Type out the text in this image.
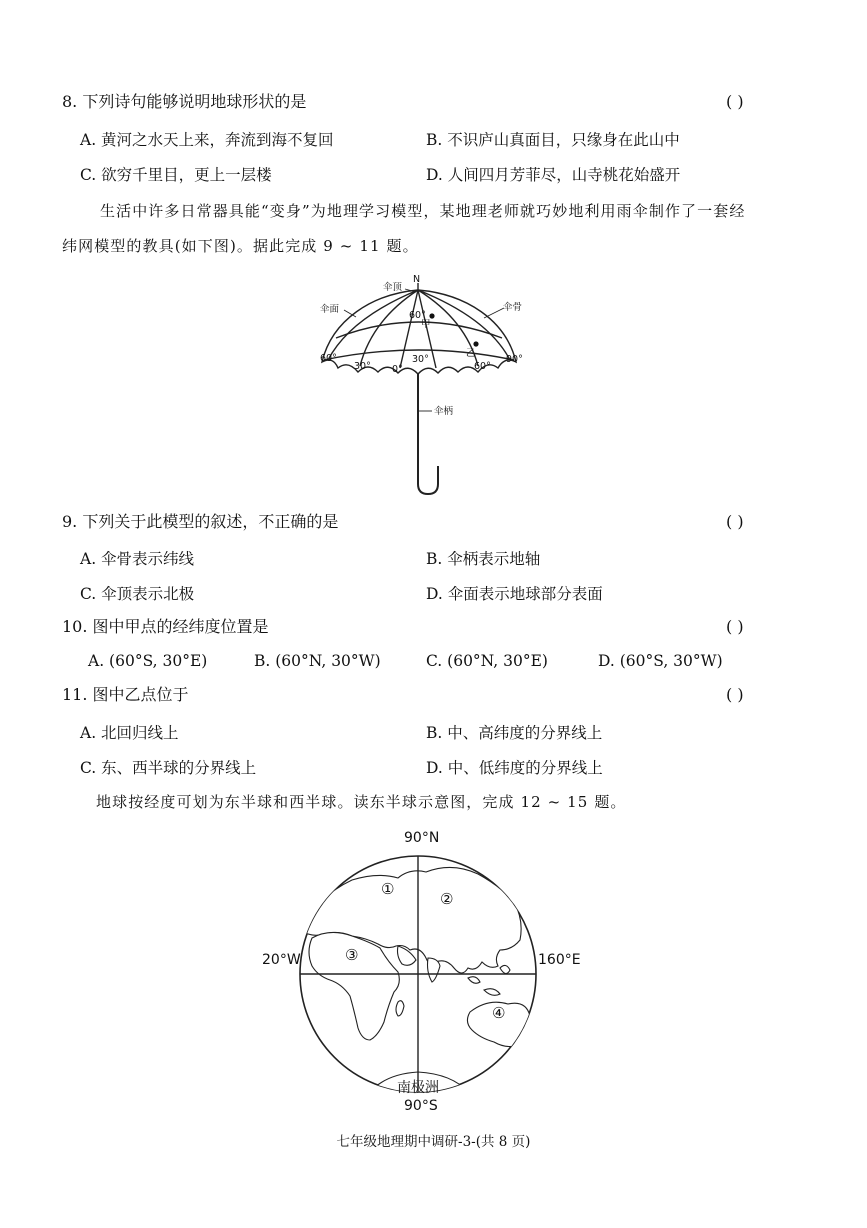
8. 下列诗句能够说明地球形状的是	( )
A. 黄河之水天上来，奔流到海不复回	B. 不识庐山真面目，只缘身在此山中
C. 欲穷千里目，更上一层楼	D. 人间四月芳菲尽，山寺桃花始盛开
生活中许多日常器具能“变身”为地理学习模型，某地理老师就巧妙地利用雨伞制作了一套经
纬网模型的教具(如下图)。据此完成 9 ~ 11 题。
N
伞顶
伞面	伞骨
伞柄
60°
甲
乙
60°
30° 0°
30°
60°
90°
9. 下列关于此模型的叙述，不正确的是	( )
A. 伞骨表示纬线	B. 伞柄表示地轴
C. 伞顶表示北极	D. 伞面表示地球部分表面
10. 图中甲点的经纬度位置是	( )
A. (60°S, 30°E)	B. (60°N, 30°W)	C. (60°N, 30°E)	D. (60°S, 30°W)
11. 图中乙点位于	( )
A. 北回归线上	B. 中、高纬度的分界线上
C. 东、西半球的分界线上	D. 中、低纬度的分界线上
地球按经度可划为东半球和西半球。读东半球示意图，完成 12 ~ 15 题。
90°N
90°S
20°W	160°E
①
②
③
④
南极洲
七年级地理期中调研-3-(共 8 页)
